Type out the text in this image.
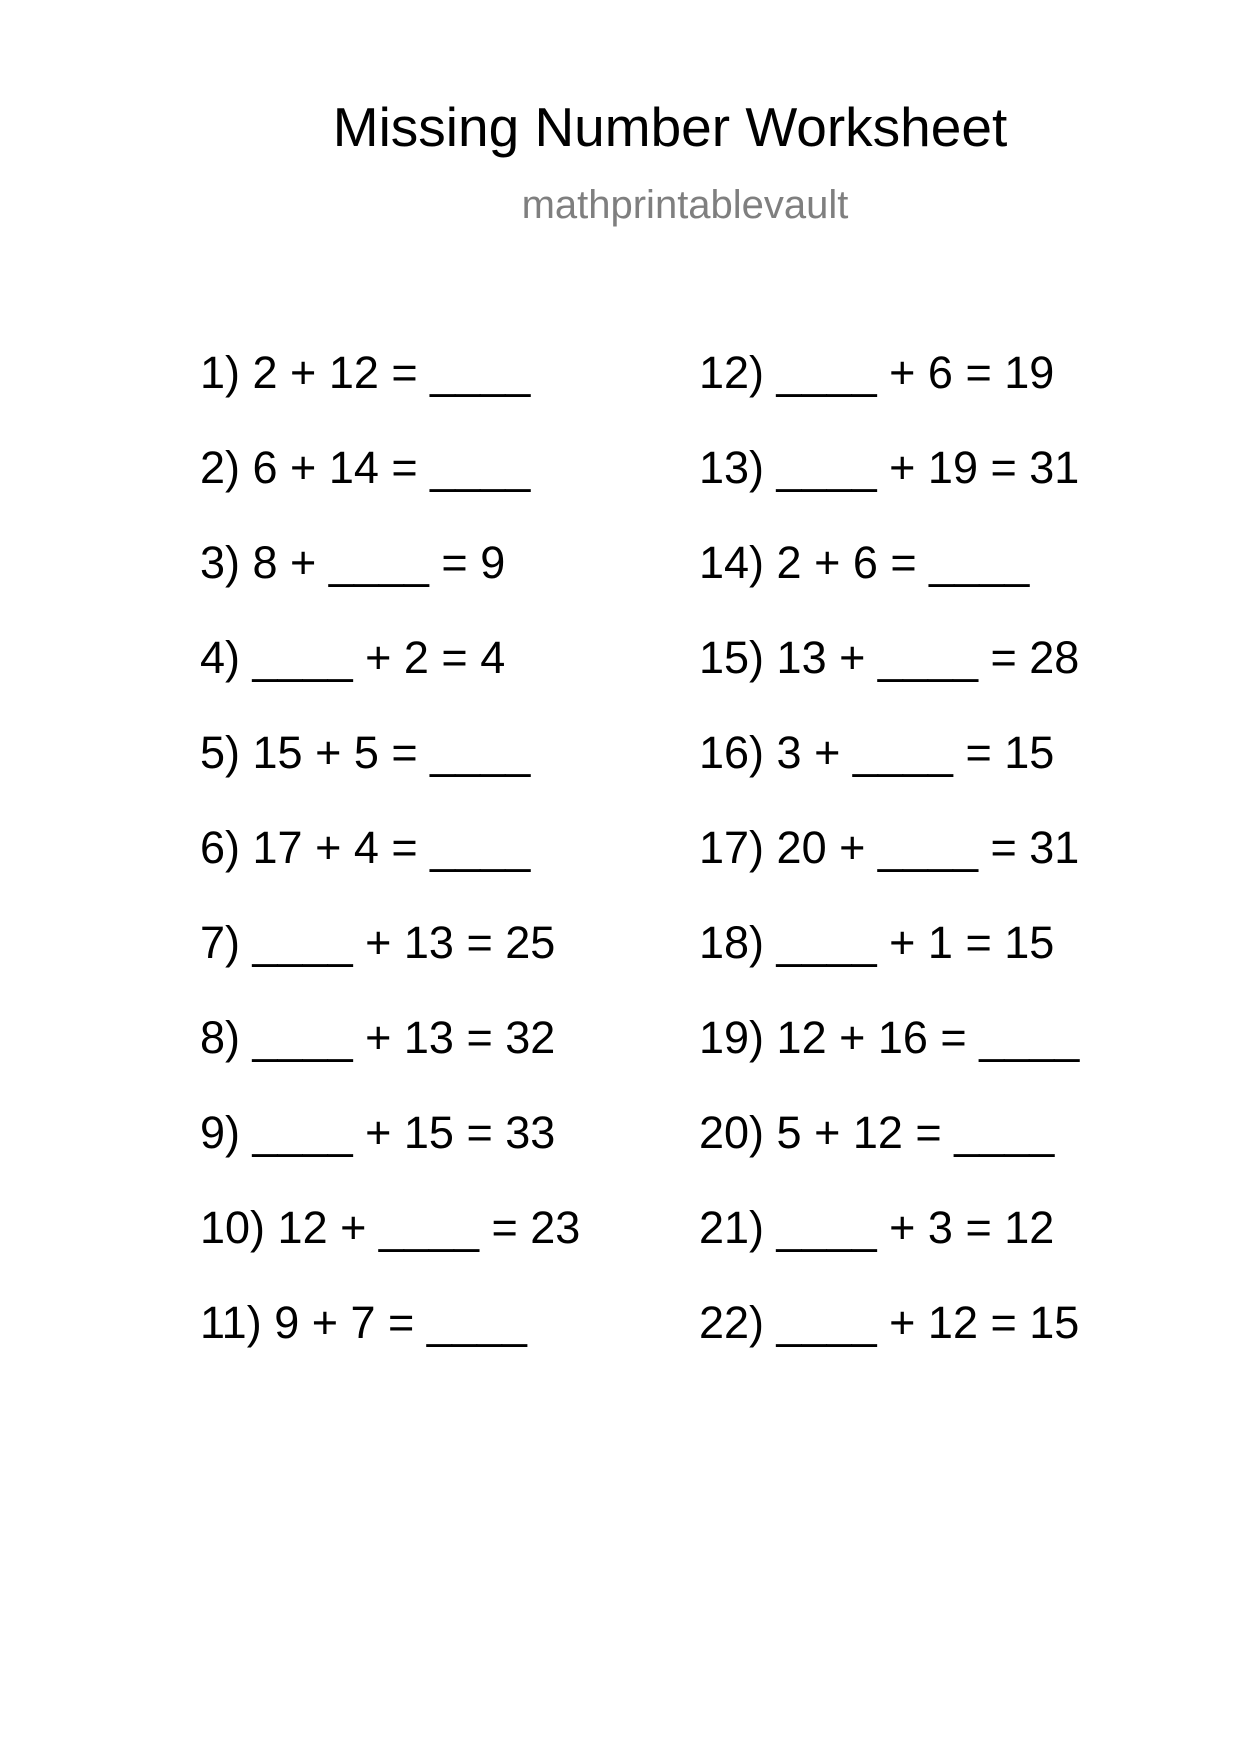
Missing Number Worksheet
mathprintablevault
1) 2 + 12 = ____
2) 6 + 14 = ____
3) 8 + ____ = 9
4) ____ + 2 = 4
5) 15 + 5 = ____
6) 17 + 4 = ____
7) ____ + 13 = 25
8) ____ + 13 = 32
9) ____ + 15 = 33
10) 12 + ____ = 23
11) 9 + 7 = ____
12) ____ + 6 = 19
13) ____ + 19 = 31
14) 2 + 6 = ____
15) 13 + ____ = 28
16) 3 + ____ = 15
17) 20 + ____ = 31
18) ____ + 1 = 15
19) 12 + 16 = ____
20) 5 + 12 = ____
21) ____ + 3 = 12
22) ____ + 12 = 15
